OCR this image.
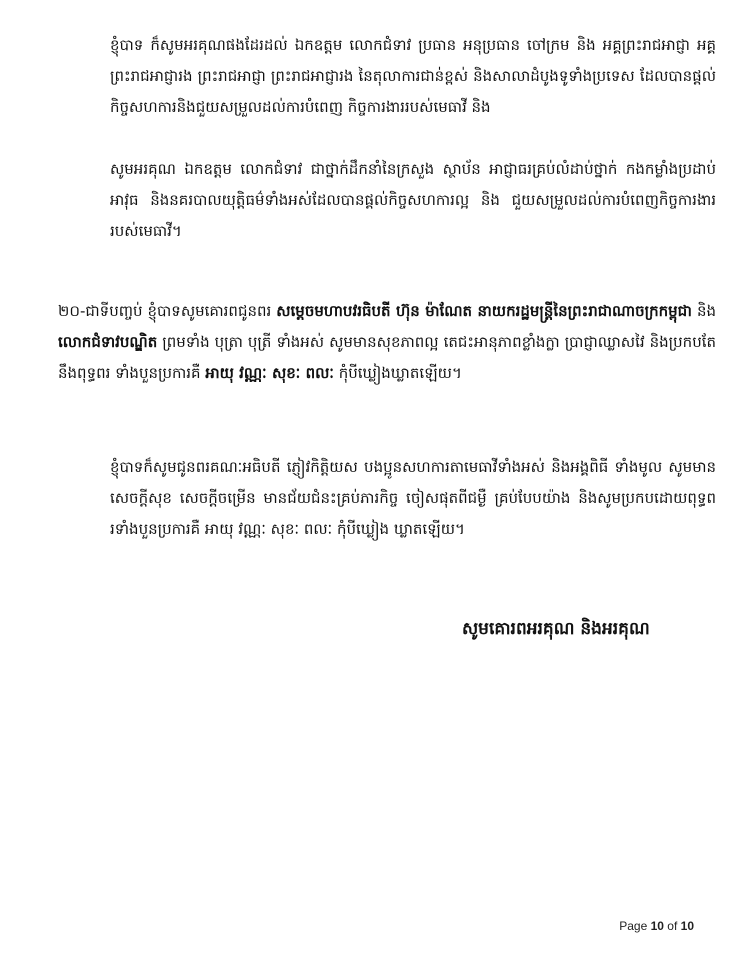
ខ្ញុំបាទ ក៏សូមអរគុណផងដែរដល់ ឯកឧត្តម លោកជំទាវ ប្រធាន អនុប្រធាន ចៅក្រម និង អគ្គព្រះរាជអាជ្ញា អគ្គព្រះរាជអាជ្ញារង ព្រះរាជអាជ្ញា ព្រះរាជអាជ្ញារង នៃតុលាការជាន់ខ្ពស់ និងសាលាដំបូងទូទាំងប្រទេស ដែលបានផ្ដល់កិច្ចសហការនិងជួយសម្រួលដល់ការបំពេញ កិច្ចការងាររបស់មេធាវី និង

សូមអរគុណ ឯកឧត្តម លោកជំទាវ ជាថ្នាក់ដឹកនាំនៃក្រសួង ស្ថាប័ន អាជ្ញាធរគ្រប់លំដាប់ថ្នាក់ កងកម្លាំងប្រដាប់អាវុធ និងនគរបាលយុត្តិធម៌ទាំងអស់ដែលបានផ្ដល់កិច្ចសហការល្អ និង ជួយសម្រួលដល់ការបំពេញកិច្ចការងាររបស់មេធាវី។

២០-ជាទីបញ្ចប់ ខ្ញុំបាទសូមគោរពជូនពរ សម្ដេចមហាបវរធិបតី ហ៊ុន ម៉ាណែត នាយករដ្ឋមន្ត្រីនៃព្រះរាជាណាចក្រកម្ពុជា និង លោកជំទាវបណ្ឌិត ព្រមទាំង បុត្រា បុត្រី ទាំងអស់ សូមមានសុខភាពល្អ តេជះអានុភាពខ្លាំងក្លា ប្រាជ្ញាឈ្លាសវៃ និងប្រកបតែនឹងពុទ្ធពរ ទាំងបួនប្រការគឺ អាយុ វណ្ណៈ សុខៈ ពលៈ កុំបីឃ្លៀងឃ្លាតឡើយ។

ខ្ញុំបាទក៏សូមជូនពរគណៈអធិបតី ភ្ញៀវកិត្តិយស បងប្អូនសហការតាមេធាវីទាំងអស់ និងអង្គពិធី ទាំងមូល សូមមានសេចក្ដីសុខ សេចក្ដីចម្រើន មានជ័យជំនះគ្រប់ភារកិច្ច ចៀសផុតពីជម្ងឺ គ្រប់បែបយ៉ាង និងសូមប្រកបដោយពុទ្ធពរទាំងបួនប្រការគឺ អាយុ វណ្ណៈ សុខៈ ពលៈ កុំបីឃ្លៀង ឃ្លាតឡើយ។

សូមគោរពអរគុណ និងអរគុណ

Page 10 of 10
